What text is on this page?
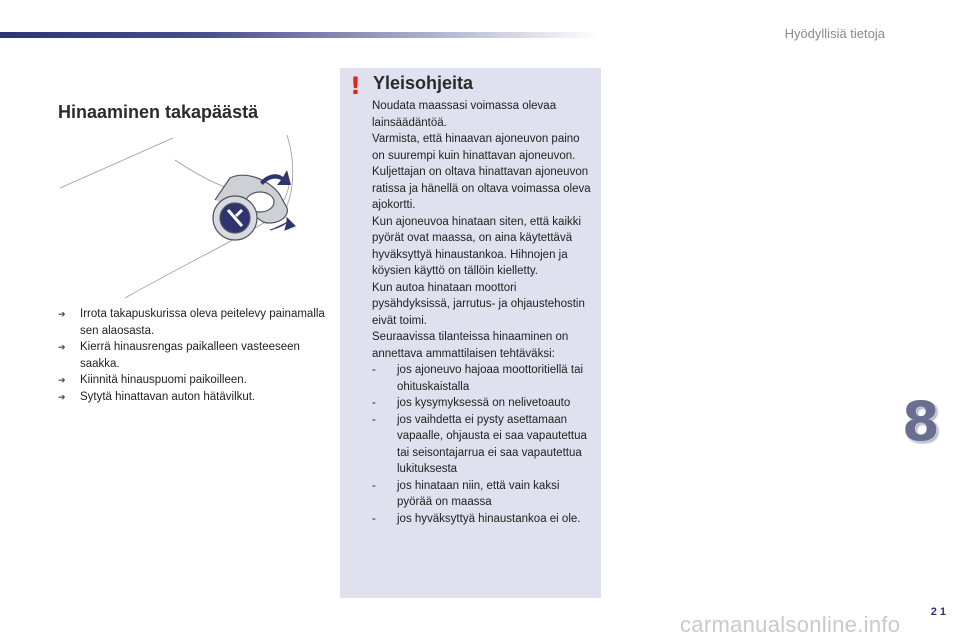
Hyödyllisiä tietoja
Hinaaminen takapäästä
➔ Irrota takapuskurissa oleva peitelevy painamalla sen alaosasta.
➔ Kierrä hinausrengas paikalleen vasteeseen saakka.
➔ Kiinnitä hinauspuomi paikoilleen.
➔ Sytytä hinattavan auton hätävilkut.
! Yleisohjeita

Noudata maassasi voimassa olevaa lainsäädäntöä.

Varmista, että hinaavan ajoneuvon paino on suurempi kuin hinattavan ajoneuvon.

Kuljettajan on oltava hinattavan ajoneuvon ratissa ja hänellä on oltava voimassa oleva ajokortti.

Kun ajoneuvoa hinataan siten, että kaikki pyörät ovat maassa, on aina käytettävä hyväksyttyä hinaustankoa. Hihnojen ja köysien käyttö on tällöin kielletty.

Kun autoa hinataan moottori pysähdyksissä, jarrutus- ja ohjaustehostin eivät toimi.

Seuraavissa tilanteissa hinaaminen on annettava ammattilaisen tehtäväksi:

- jos ajoneuvo hajoaa moottoritiellä tai ohituskaistalla
- jos kysymyksessä on nelivetoauto
- jos vaihdetta ei pysty asettamaan vapaalle, ohjausta ei saa vapautettua tai seisontajarrua ei saa vapautettua lukituksesta
- jos hinataan niin, että vain kaksi pyörää on maassa
- jos hyväksyttyä hinaustankoa ei ole.
8
2 1
carmanualsonline.info
